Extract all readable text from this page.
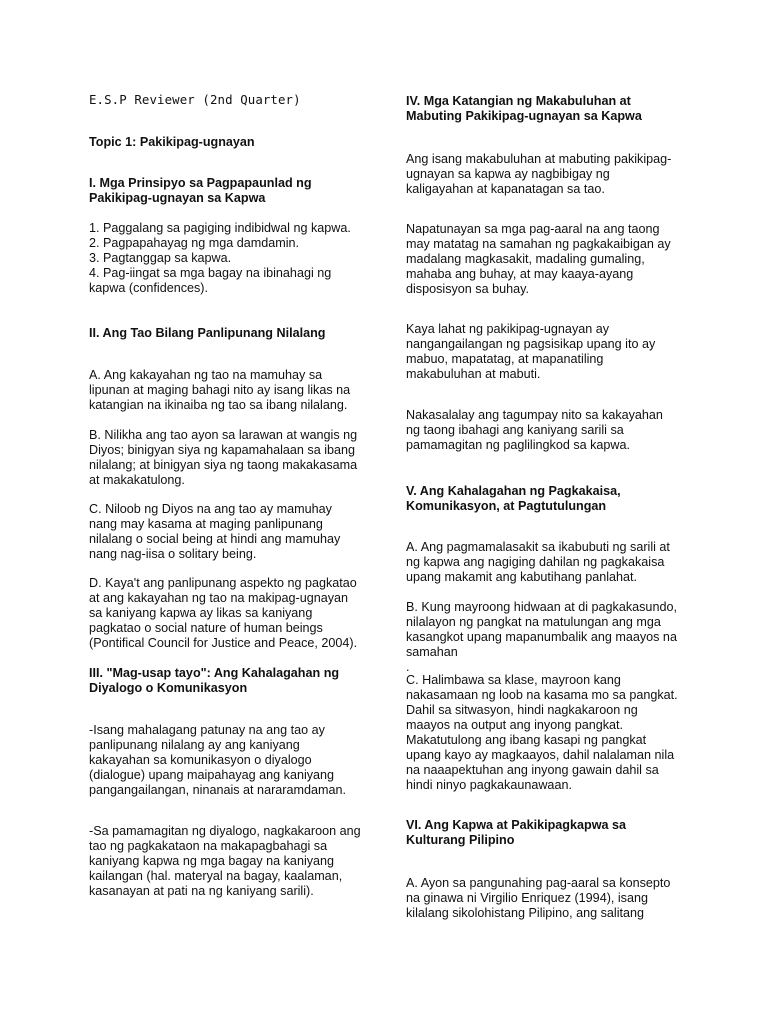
E.S.P Reviewer (2nd Quarter)

Topic 1: Pakikipag-ugnayan

I. Mga Prinsipyo sa Pagpapaunlad ng
Pakikipag-ugnayan sa Kapwa

1. Paggalang sa pagiging indibidwal ng kapwa.
2. Pagpapahayag ng mga damdamin.
3. Pagtanggap sa kapwa.
4. Pag-iingat sa mga bagay na ibinahagi ng
kapwa (confidences).

II. Ang Tao Bilang Panlipunang Nilalang

A. Ang kakayahan ng tao na mamuhay sa
lipunan at maging bahagi nito ay isang likas na
katangian na ikinaiba ng tao sa ibang nilalang.

B. Nilikha ang tao ayon sa larawan at wangis ng
Diyos; binigyan siya ng kapamahalaan sa ibang
nilalang; at binigyan siya ng taong makakasama
at makakatulong.

C. Niloob ng Diyos na ang tao ay mamuhay
nang may kasama at maging panlipunang
nilalang o social being at hindi ang mamuhay
nang nag-iisa o solitary being.

D. Kaya't ang panlipunang aspekto ng pagkatao
at ang kakayahan ng tao na makipag-ugnayan
sa kaniyang kapwa ay likas sa kaniyang
pagkatao o social nature of human beings
(Pontifical Council for Justice and Peace, 2004).

III. "Mag-usap tayo": Ang Kahalagahan ng
Diyalogo o Komunikasyon

-Isang mahalagang patunay na ang tao ay
panlipunang nilalang ay ang kaniyang
kakayahan sa komunikasyon o diyalogo
(dialogue) upang maipahayag ang kaniyang
pangangailangan, ninanais at nararamdaman.

-Sa pamamagitan ng diyalogo, nagkakaroon ang
tao ng pagkakataon na makapagbahagi sa
kaniyang kapwa ng mga bagay na kaniyang
kailangan (hal. materyal na bagay, kaalaman,
kasanayan at pati na ng kaniyang sarili).

IV. Mga Katangian ng Makabuluhan at
Mabuting Pakikipag-ugnayan sa Kapwa

Ang isang makabuluhan at mabuting pakikipag-
ugnayan sa kapwa ay nagbibigay ng
kaligayahan at kapanatagan sa tao.

Napatunayan sa mga pag-aaral na ang taong
may matatag na samahan ng pagkakaibigan ay
madalang magkasakit, madaling gumaling,
mahaba ang buhay, at may kaaya-ayang
disposisyon sa buhay.

Kaya lahat ng pakikipag-ugnayan ay
nangangailangan ng pagsisikap upang ito ay
mabuo, mapatatag, at mapanatiling
makabuluhan at mabuti.

Nakasalalay ang tagumpay nito sa kakayahan
ng taong ibahagi ang kaniyang sarili sa
pamamagitan ng paglilingkod sa kapwa.

V. Ang Kahalagahan ng Pagkakaisa,
Komunikasyon, at Pagtutulungan

A. Ang pagmamalasakit sa ikabubuti ng sarili at
ng kapwa ang nagiging dahilan ng pagkakaisa
upang makamit ang kabutihang panlahat.

B. Kung mayroong hidwaan at di pagkakasundo,
nilalayon ng pangkat na matulungan ang mga
kasangkot upang mapanumbalik ang maayos na
samahan
.

C. Halimbawa sa klase, mayroon kang
nakasamaan ng loob na kasama mo sa pangkat.
Dahil sa sitwasyon, hindi nagkakaroon ng
maayos na output ang inyong pangkat.
Makatutulong ang ibang kasapi ng pangkat
upang kayo ay magkaayos, dahil nalalaman nila
na naaapektuhan ang inyong gawain dahil sa
hindi ninyo pagkakaunawaan.

VI. Ang Kapwa at Pakikipagkapwa sa
Kulturang Pilipino

A. Ayon sa pangunahing pag-aaral sa konsepto
na ginawa ni Virgilio Enriquez (1994), isang
kilalang sikolohistang Pilipino, ang salitang
